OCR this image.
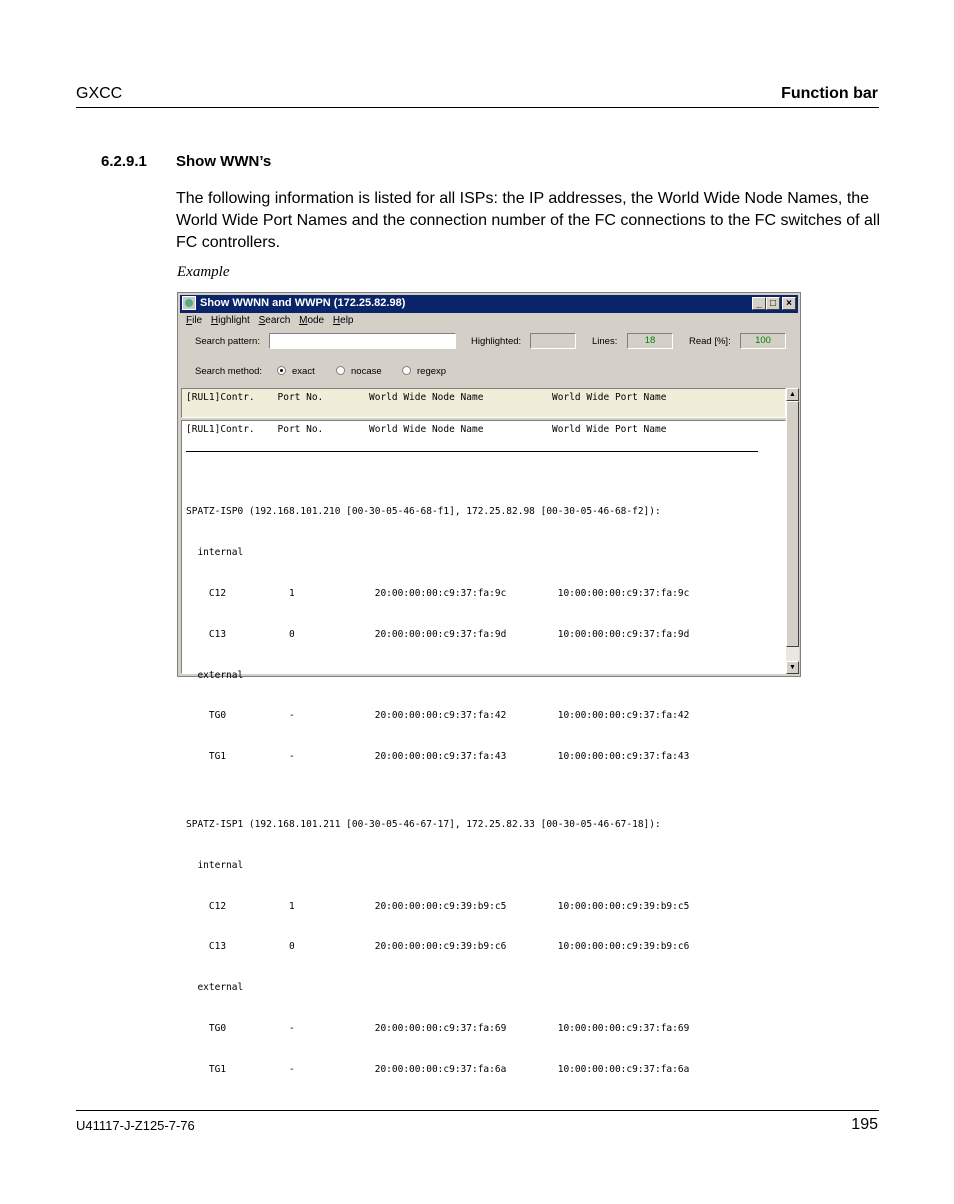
GXCC	Function bar
6.2.9.1 Show WWN’s
The following information is listed for all ISPs: the IP addresses, the World Wide Node Names, the World Wide Port Names and the connection number of the FC connections to the FC switches of all FC controllers.
Example
Show WWNN and WWPN (172.25.82.98)	_ □	×
File Highlight Search Mode Help
Search pattern:	Highlighted:	Lines:	18	Read [%]:	100
Search method:	exact	nocase	regexp
[RUL1]Contr.    Port No.        World Wide Node Name            World Wide Port Name
[RUL1]Contr.    Port No.        World Wide Node Name            World Wide Port Name

SPATZ-ISP0 (192.168.101.210 [00-30-05-46-68-f1], 172.25.82.98 [00-30-05-46-68-f2]):

internal

C12           1              20:00:00:00:c9:37:fa:9c         10:00:00:00:c9:37:fa:9c

C13           0              20:00:00:00:c9:37:fa:9d         10:00:00:00:c9:37:fa:9d

external

TG0           -              20:00:00:00:c9:37:fa:42         10:00:00:00:c9:37:fa:42

TG1           -              20:00:00:00:c9:37:fa:43         10:00:00:00:c9:37:fa:43

SPATZ-ISP1 (192.168.101.211 [00-30-05-46-67-17], 172.25.82.33 [00-30-05-46-67-18]):

internal

C12           1              20:00:00:00:c9:39:b9:c5         10:00:00:00:c9:39:b9:c5

C13           0              20:00:00:00:c9:39:b9:c6         10:00:00:00:c9:39:b9:c6

external

TG0           -              20:00:00:00:c9:37:fa:69         10:00:00:00:c9:37:fa:69

TG1           -              20:00:00:00:c9:37:fa:6a         10:00:00:00:c9:37:fa:6a

▲
▼
U41117-J-Z125-7-76	195
